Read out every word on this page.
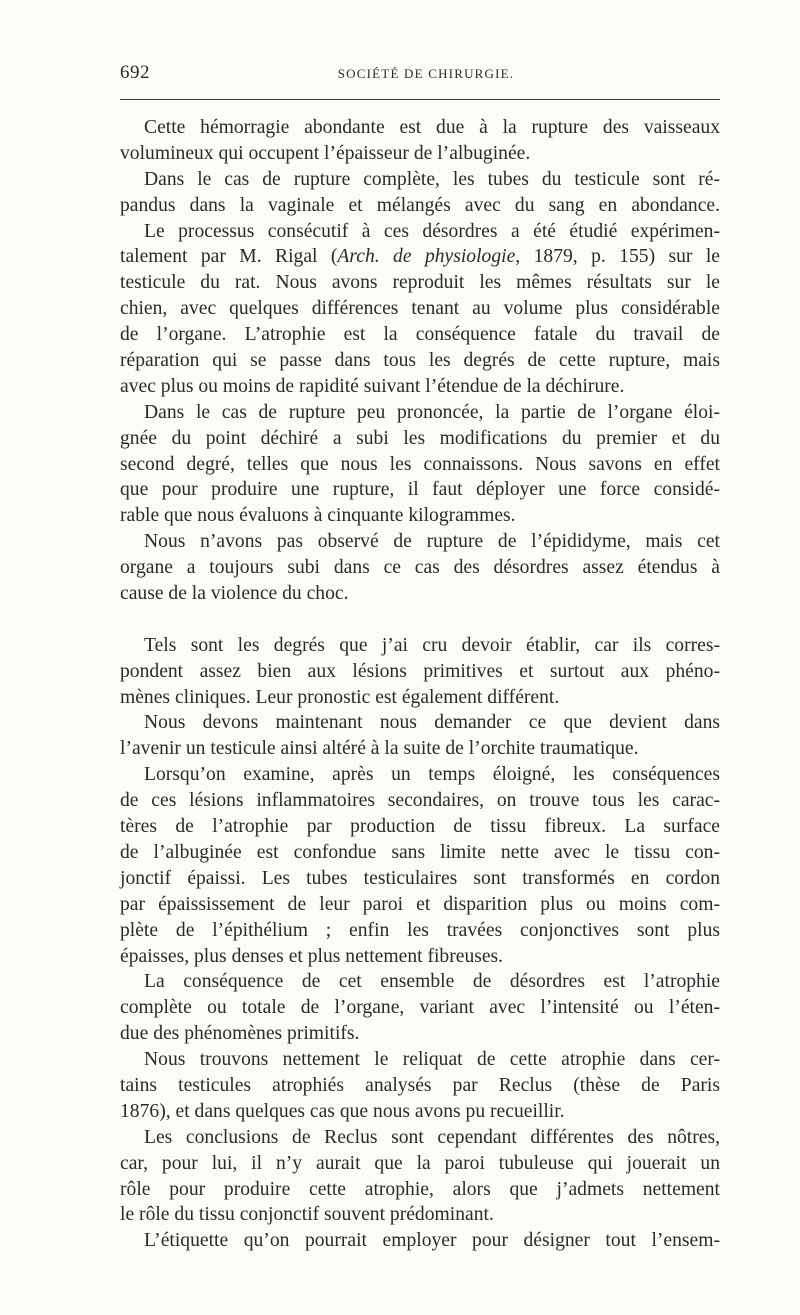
692	SOCIÉTÉ DE CHIRURGIE.
Cette hémorragie abondante est due à la rupture des vaisseaux
volumineux qui occupent l’épaisseur de l’albuginée.
Dans le cas de rupture complète, les tubes du testicule sont ré-
pandus dans la vaginale et mélangés avec du sang en abondance.
Le processus consécutif à ces désordres a été étudié expérimen-
talement par M. Rigal (Arch. de physiologie, 1879, p. 155) sur le
testicule du rat. Nous avons reproduit les mêmes résultats sur le
chien, avec quelques différences tenant au volume plus considérable
de l’organe. L’atrophie est la conséquence fatale du travail de
réparation qui se passe dans tous les degrés de cette rupture, mais
avec plus ou moins de rapidité suivant l’étendue de la déchirure.
Dans le cas de rupture peu prononcée, la partie de l’organe éloi-
gnée du point déchiré a subi les modifications du premier et du
second degré, telles que nous les connaissons. Nous savons en effet
que pour produire une rupture, il faut déployer une force considé-
rable que nous évaluons à cinquante kilogrammes.
Nous n’avons pas observé de rupture de l’épididyme, mais cet
organe a toujours subi dans ce cas des désordres assez étendus à
cause de la violence du choc.
Tels sont les degrés que j’ai cru devoir établir, car ils corres-
pondent assez bien aux lésions primitives et surtout aux phéno-
mènes cliniques. Leur pronostic est également différent.
Nous devons maintenant nous demander ce que devient dans
l’avenir un testicule ainsi altéré à la suite de l’orchite traumatique.
Lorsqu’on examine, après un temps éloigné, les conséquences
de ces lésions inflammatoires secondaires, on trouve tous les carac-
tères de l’atrophie par production de tissu fibreux. La surface
de l’albuginée est confondue sans limite nette avec le tissu con-
jonctif épaissi. Les tubes testiculaires sont transformés en cordon
par épaississement de leur paroi et disparition plus ou moins com-
plète de l’épithélium ; enfin les travées conjonctives sont plus
épaisses, plus denses et plus nettement fibreuses.
La conséquence de cet ensemble de désordres est l’atrophie
complète ou totale de l’organe, variant avec l’intensité ou l’éten-
due des phénomènes primitifs.
Nous trouvons nettement le reliquat de cette atrophie dans cer-
tains testicules atrophiés analysés par Reclus (thèse de Paris
1876), et dans quelques cas que nous avons pu recueillir.
Les conclusions de Reclus sont cependant différentes des nôtres,
car, pour lui, il n’y aurait que la paroi tubuleuse qui jouerait un
rôle pour produire cette atrophie, alors que j’admets nettement
le rôle du tissu conjonctif souvent prédominant.
L’étiquette qu’on pourrait employer pour désigner tout l’ensem-
